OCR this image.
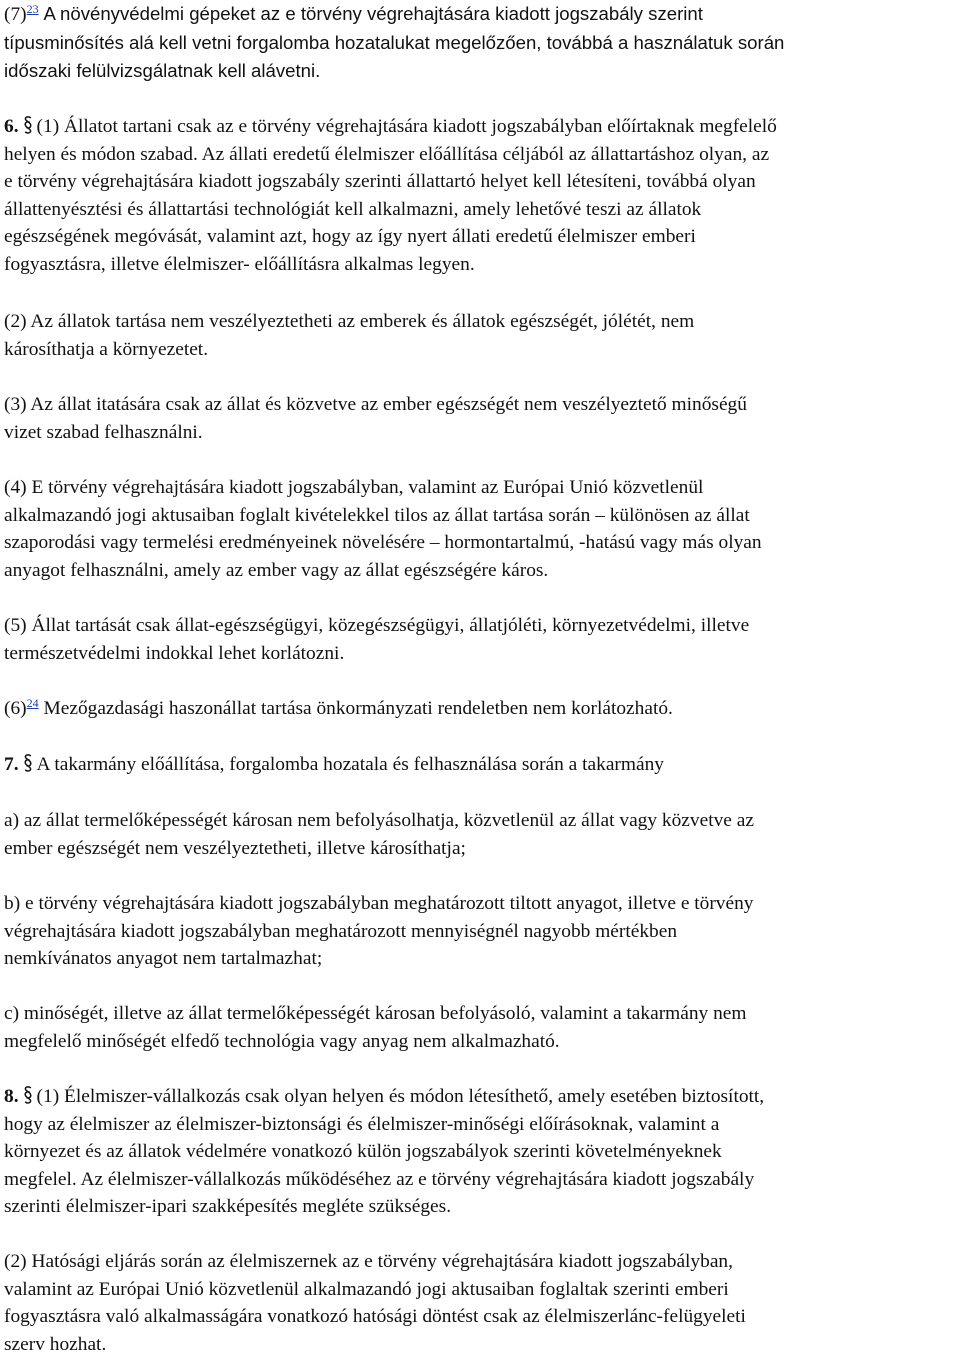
(7)$^{23}$ A növényvédelmi gépeket az e törvény végrehajtására kiadott jogszabály szerint
típusminősítés alá kell vetni forgalomba hozatalukat megelőzően, továbbá a használatuk során
időszaki felülvizsgálatnak kell alávetni.

6. (1) Állatot tartani csak az e törvény végrehajtására kiadott jogszabályban előírtaknak megfelelő
helyen és módon szabad. Az állati eredetű élelmiszer előállítása céljából az állattartáshoz olyan, az
e törvény végrehajtására kiadott jogszabály szerinti állattartó helyet kell létesíteni, továbbá olyan
állattenyésztési és állattartási technológiát kell alkalmazni, amely lehetővé teszi az állatok
egészségének megóvását, valamint azt, hogy az így nyert állati eredetű élelmiszer emberi
fogyasztásra, illetve élelmiszer- előállításra alkalmas legyen.

(2) Az állatok tartása nem veszélyeztetheti az emberek és állatok egészségét, jólétét, nem
károsíthatja a környezetet.

(3) Az állat itatására csak az állat és közvetve az ember egészségét nem veszélyeztető minőségű
vizet szabad felhasználni.

(4) E törvény végrehajtására kiadott jogszabályban, valamint az Európai Unió közvetlenül
alkalmazandó jogi aktusaiban foglalt kivételekkel tilos az állat tartása során – különösen az állat
szaporodási vagy termelési eredményeinek növelésére – hormontartalmú, -hatású vagy más olyan
anyagot felhasználni, amely az ember vagy az állat egészségére káros.

(5) Állat tartását csak állat-egészségügyi, közegészségügyi, állatjóléti, környezetvédelmi, illetve
természetvédelmi indokkal lehet korlátozni.

(6)$^{24}$ Mezőgazdasági haszonállat tartása önkormányzati rendeletben nem korlátozható.

7. A takarmány előállítása, forgalomba hozatala és felhasználása során a takarmány

a) az állat termelőképességét károsan nem befolyásolhatja, közvetlenül az állat vagy közvetve az
ember egészségét nem veszélyeztetheti, illetve károsíthatja;

b) e törvény végrehajtására kiadott jogszabályban meghatározott tiltott anyagot, illetve e törvény
végrehajtására kiadott jogszabályban meghatározott mennyiségnél nagyobb mértékben
nemkívánatos anyagot nem tartalmazhat;

c) minőségét, illetve az állat termelőképességét károsan befolyásoló, valamint a takarmány nem
megfelelő minőségét elfedő technológia vagy anyag nem alkalmazható.

8. (1) Élelmiszer-vállalkozás csak olyan helyen és módon létesíthető, amely esetében biztosított,
hogy az élelmiszer az élelmiszer-biztonsági és élelmiszer-minőségi előírásoknak, valamint a
környezet és az állatok védelmére vonatkozó külön jogszabályok szerinti követelményeknek
megfelel. Az élelmiszer-vállalkozás működéséhez az e törvény végrehajtására kiadott jogszabály
szerinti élelmiszer-ipari szakképesítés megléte szükséges.

(2) Hatósági eljárás során az élelmiszernek az e törvény végrehajtására kiadott jogszabályban,
valamint az Európai Unió közvetlenül alkalmazandó jogi aktusaiban foglaltak szerinti emberi
fogyasztásra való alkalmasságára vonatkozó hatósági döntést csak az élelmiszerlánc-felügyeleti
szerv hozhat.
